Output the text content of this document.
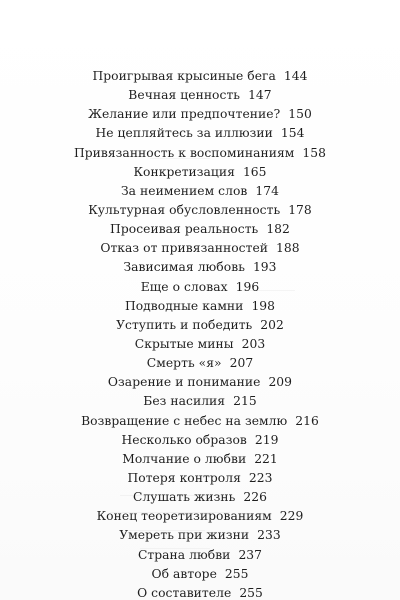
Проигрывая крысиные бега 144
Вечная ценность 147
Желание или предпочтение? 150
Не цепляйтесь за иллюзии 154
Привязанность к воспоминаниям 158
Конкретизация 165
За неимением слов 174
Культурная обусловленность 178
Просеивая реальность 182
Отказ от привязанностей 188
Зависимая любовь 193
Еще о словах 196
Подводные камни 198
Уступить и победить 202
Скрытые мины 203
Смерть «я» 207
Озарение и понимание 209
Без насилия 215
Возвращение с небес на землю 216
Несколько образов 219
Молчание о любви 221
Потеря контроля 223
Слушать жизнь 226
Конец теоретизированиям 229
Умереть при жизни 233
Страна любви 237
Об авторе 255
О составителе 255
